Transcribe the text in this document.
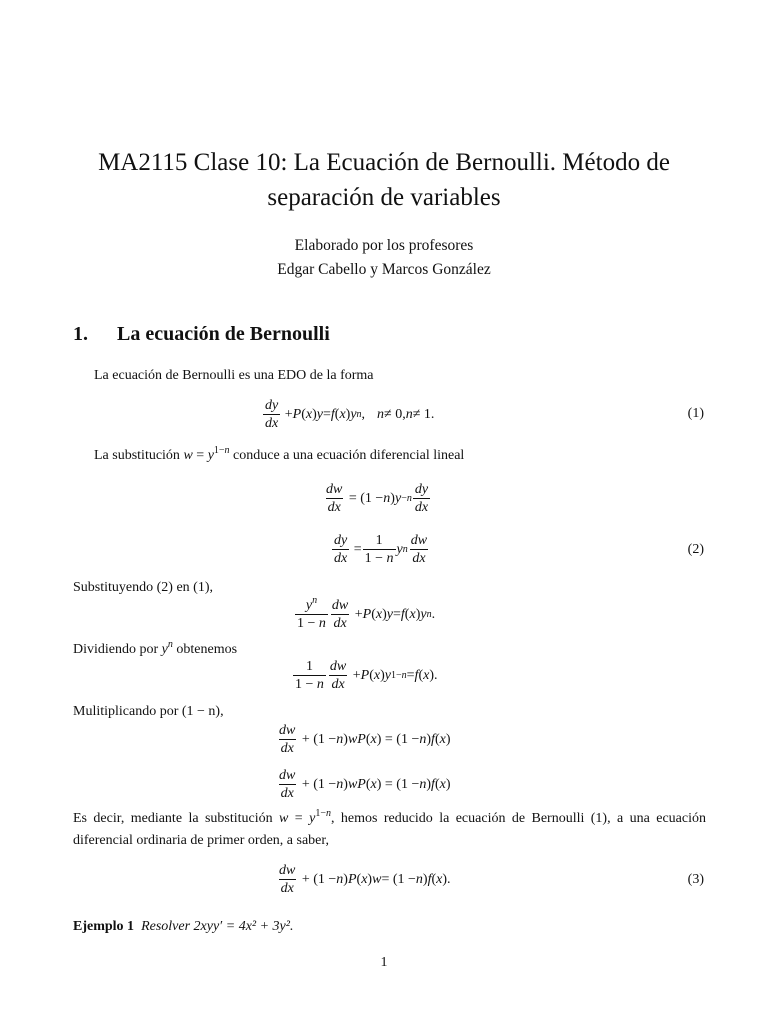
MA2115 Clase 10: La Ecuación de Bernoulli. Método de
separación de variables
Elaborado por los profesores
Edgar Cabello y Marcos González
1. La ecuación de Bernoulli
La ecuación de Bernoulli es una EDO de la forma
$\frac{dy}{dx} + P$ ( x ) y = f ( x ) y n , n ≠ 0, n ≠ 1.	(1)
La substitución $w = y^{1-n}$ conduce a una ecuación diferencial lineal
$\frac{dw}{dx} = (1 - n$ ) $y -n \frac{dy}{dx}$
$\frac{dy}{dx} = \frac{1}{1 - n}$ y n $\frac{dw}{dx}$	(2)
Substituyendo (2) en (1),
$\frac{y^n}{1 - n} \frac{dw}{dx} + P$ ( x ) y = f ( x ) y n .
Dividiendo por $y^n$ obtenemos
$\frac{1}{1 - n} \frac{dw}{dx} + P$ ( x ) y 1−n = f ( x ).
Mulitiplicando por (1 − n),
$\frac{dw}{dx} + (1 - n$ ) wP ( x ) = (1 − n ) f ( x )
$\frac{dw}{dx} + (1 - n$ ) wP ( x ) = (1 − n ) f ( x )
Es decir, mediante la substitución $w = y^{1-n}$, hemos reducido la ecuación de Bernoulli (1), a una ecuación diferencial ordinaria de primer orden, a saber,
$\frac{dw}{dx} + (1 - n$ ) P ( x ) w = (1 − n ) f ( x ).	(3)
Ejemplo 1 Resolver 2xyy′ = 4x² + 3y².
1
